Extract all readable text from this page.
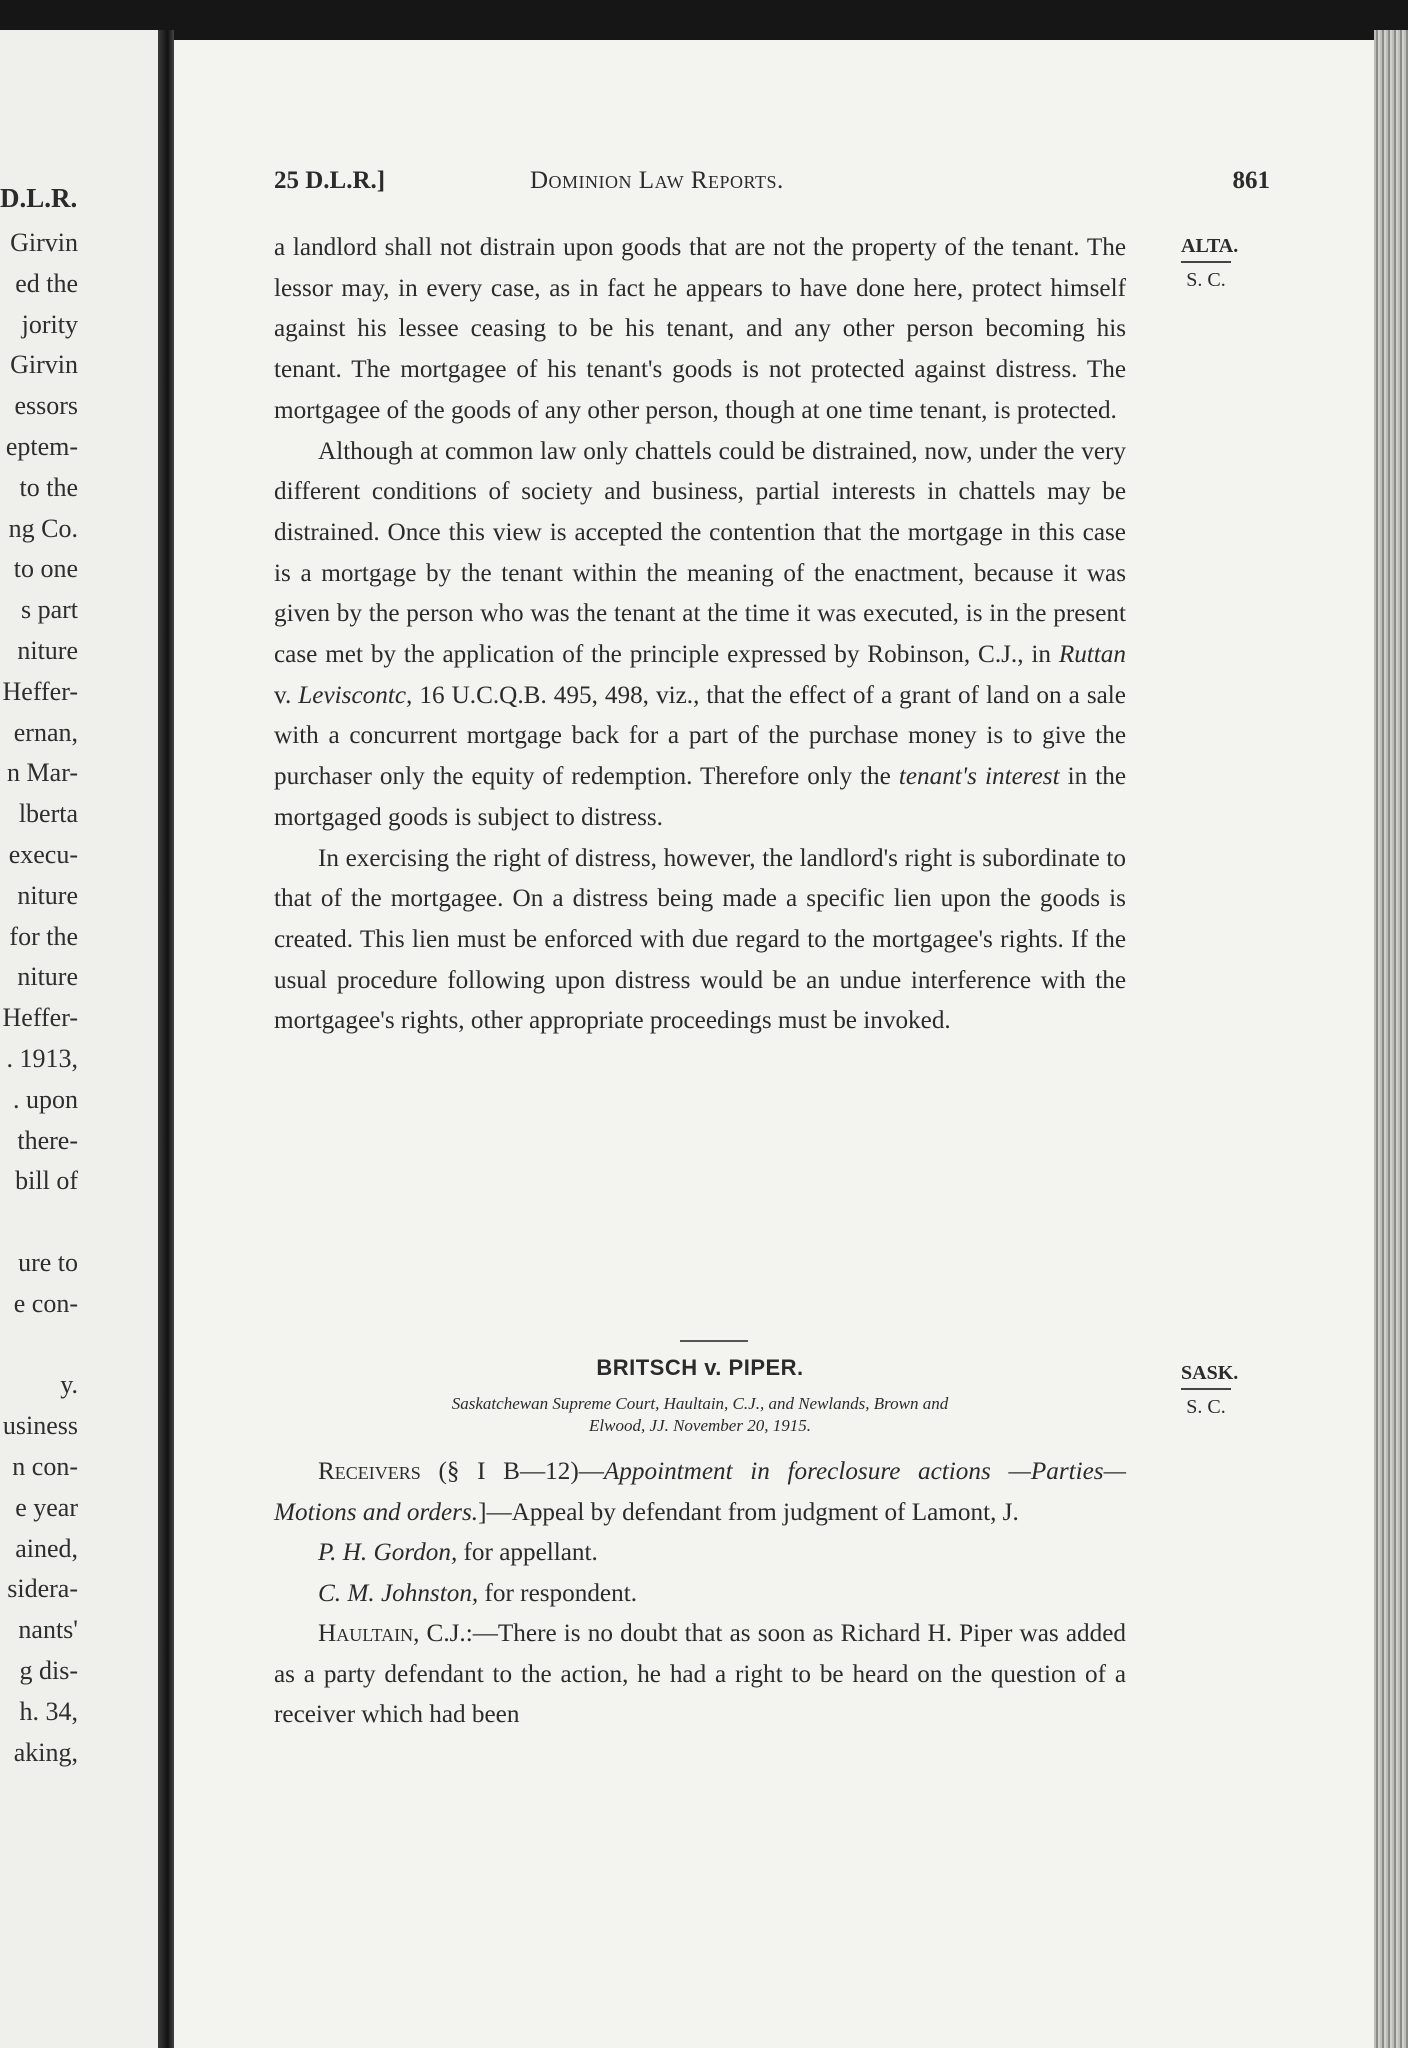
D.L.R.
Girvin
ed the
jority
Girvin
essors
eptem-
to the
ng Co.
to one
s part
niture
Heffer-
ernan,
n Mar-
lberta
execu-
niture
for the
niture
Heffer-
. 1913,
. upon
there-
bill of
ure to
e con-
y.
usiness
n con-
e year
ained,
sidera-
nants'
g dis-
h. 34,
aking,
25 D.L.R.]	Dominion Law Reports.	861
ALTA.
S. C.

a landlord shall not distrain upon goods that are not the property of the tenant. The lessor may, in every case, as in fact he appears to have done here, protect himself against his lessee ceasing to be his tenant, and any other person becoming his tenant. The mortgagee of his tenant's goods is not protected against distress. The mortgagee of the goods of any other person, though at one time tenant, is protected.

Although at common law only chattels could be distrained, now, under the very different conditions of society and business, partial interests in chattels may be distrained. Once this view is accepted the contention that the mortgage in this case is a mortgage by the tenant within the meaning of the enactment, because it was given by the person who was the tenant at the time it was executed, is in the present case met by the application of the principle expressed by Robinson, C.J., in Ruttan v. Leviscontc, 16 U.C.Q.B. 495, 498, viz., that the effect of a grant of land on a sale with a concurrent mortgage back for a part of the purchase money is to give the purchaser only the equity of redemption. Therefore only the tenant's interest in the mortgaged goods is subject to distress.

In exercising the right of distress, however, the landlord's right is subordinate to that of the mortgagee. On a distress being made a specific lien upon the goods is created. This lien must be enforced with due regard to the mortgagee's rights. If the usual procedure following upon distress would be an undue interference with the mortgagee's rights, other appropriate proceedings must be invoked.

BRITSCH v. PIPER.
Saskatchewan Supreme Court, Haultain, C.J., and Newlands, Brown and
Elwood, JJ. November 20, 1915.
SASK.
S. C.

Receivers (§ I B—12)—Appointment in foreclosure actions —Parties—Motions and orders.]—Appeal by defendant from judgment of Lamont, J.

P. H. Gordon, for appellant.

C. M. Johnston, for respondent.

Haultain, C.J.:—There is no doubt that as soon as Richard H. Piper was added as a party defendant to the action, he had a right to be heard on the question of a receiver which had been
